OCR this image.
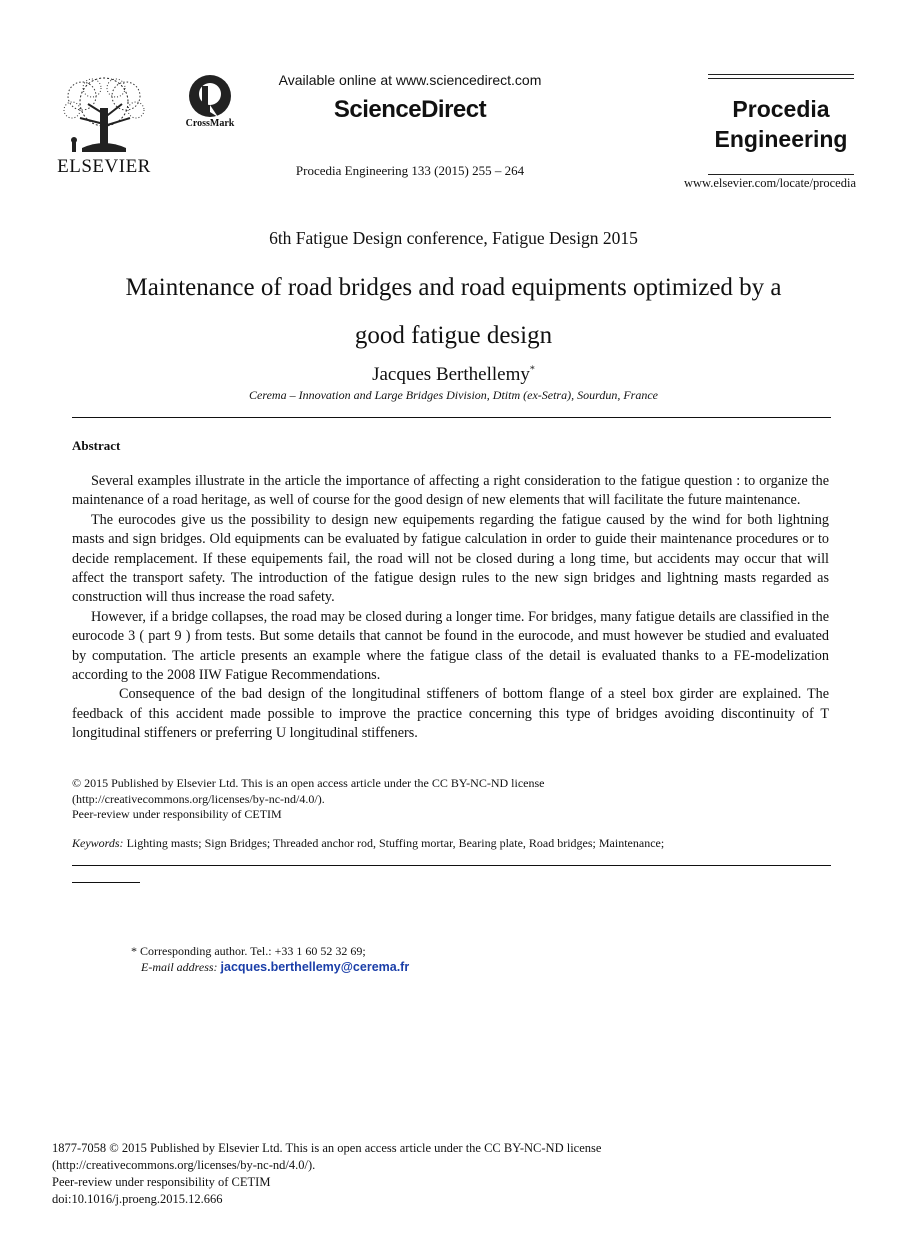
ELSEVIER
CrossMark
Available online at www.sciencedirect.com
ScienceDirect
Procedia Engineering 133 (2015) 255 – 264
Procedia
Engineering
www.elsevier.com/locate/procedia
6th Fatigue Design conference, Fatigue Design 2015
Maintenance of road bridges and road equipments optimized by a
good fatigue design
Jacques Berthellemy*
Cerema – Innovation and Large Bridges Division, Dtitm (ex-Setra), Sourdun, France
Abstract

Several examples illustrate in the article the importance of affecting a right consideration to the fatigue question : to organize the maintenance of a road heritage, as well of course for the good design of new elements that will facilitate the future maintenance.

The eurocodes give us the possibility to design new equipements regarding the fatigue caused by the wind for both lightning masts and sign bridges. Old equipments can be evaluated by fatigue calculation in order to guide their maintenance procedures or to decide remplacement. If these equipements fail, the road will not be closed during a long time, but accidents may occur that will affect the transport safety. The introduction of the fatigue design rules to the new sign bridges and lightning masts regarded as construction will thus increase the road safety.

However, if a bridge collapses, the road may be closed during a longer time. For bridges, many fatigue details are classified in the eurocode 3 ( part 9 ) from tests. But some details that cannot be found in the eurocode, and must however be studied and evaluated by computation. The article presents an example where the fatigue class of the detail is evaluated thanks to a FE-modelization according to the 2008 IIW Fatigue Recommendations.

Consequence of the bad design of the longitudinal stiffeners of bottom flange of a steel box girder are explained. The feedback of this accident made possible to improve the practice concerning this type of bridges avoiding discontinuity of T longitudinal stiffeners or preferring U longitudinal stiffeners.

© 2015 Published by Elsevier Ltd. This is an open access article under the CC BY-NC-ND license
(http://creativecommons.org/licenses/by-nc-nd/4.0/).
Peer-review under responsibility of CETIM
Keywords: Lighting masts; Sign Bridges; Threaded anchor rod, Stuffing mortar, Bearing plate, Road bridges; Maintenance;
* Corresponding author. Tel.: +33 1 60 52 32 69;
E-mail address: jacques.berthellemy@cerema.fr
1877-7058 © 2015 Published by Elsevier Ltd. This is an open access article under the CC BY-NC-ND license
(http://creativecommons.org/licenses/by-nc-nd/4.0/).
Peer-review under responsibility of CETIM
doi:10.1016/j.proeng.2015.12.666
